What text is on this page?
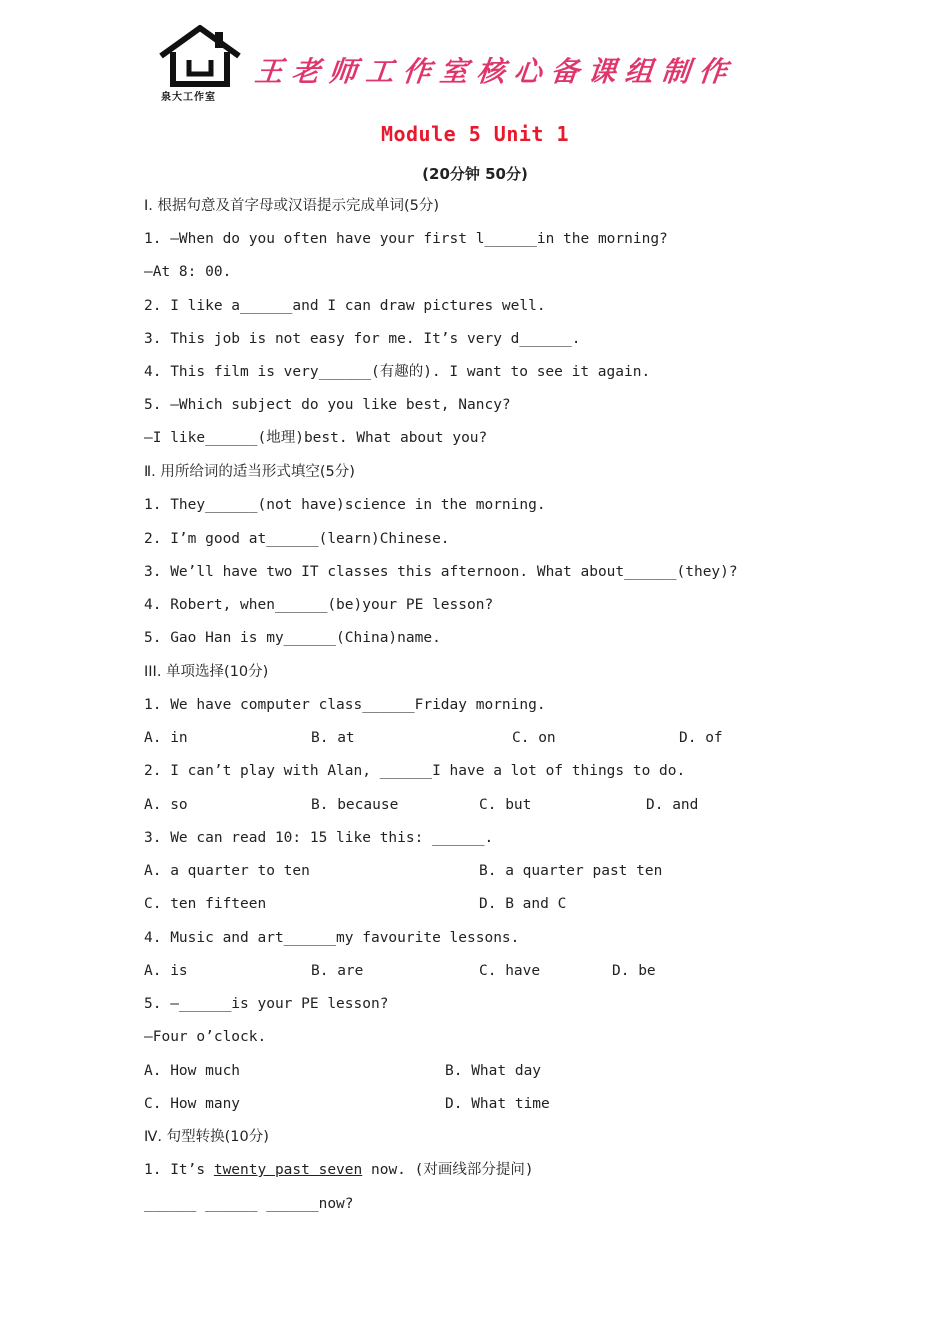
泉大工作室
王老师工作室核心备课组制作
Module 5 Unit 1
(20分钟 50分)
Ⅰ. 根据句意及首字母或汉语提示完成单词(5分)
1. —When do you often have your first l______in the morning?
—At 8: 00.
2. I like a______and I can draw pictures well.
3. This job is not easy for me. It’s very d______.
4. This film is very______(有趣的). I want to see it again.
5. —Which subject do you like best, Nancy?
—I like______(地理)best. What about you?
Ⅱ. 用所给词的适当形式填空(5分)
1. They______(not have)science in the morning.
2. I’m good at______(learn)Chinese.
3. We’ll have two IT classes this afternoon. What about______(they)?
4. Robert, when______(be)your PE lesson?
5. Gao Han is my______(China)name.
III. 单项选择(10分)
1. We have computer class______Friday morning.
A. in	B. at	C. on	D. of
2. I can’t play with Alan, ______I have a lot of things to do.
A. so	B. because	C. but	D. and
3. We can read 10: 15 like this: ______.
A. a quarter to ten	B. a quarter past ten
C. ten fifteen	D. B and C
4. Music and art______my favourite lessons.
A. is	B. are	C. have	D. be
5. —______is your PE lesson?
—Four o’clock.
A. How much	B. What day
C. How many	D. What time
Ⅳ. 句型转换(10分)
1. It’s twenty past seven now. (对画线部分提问)
______ ______ ______now?
